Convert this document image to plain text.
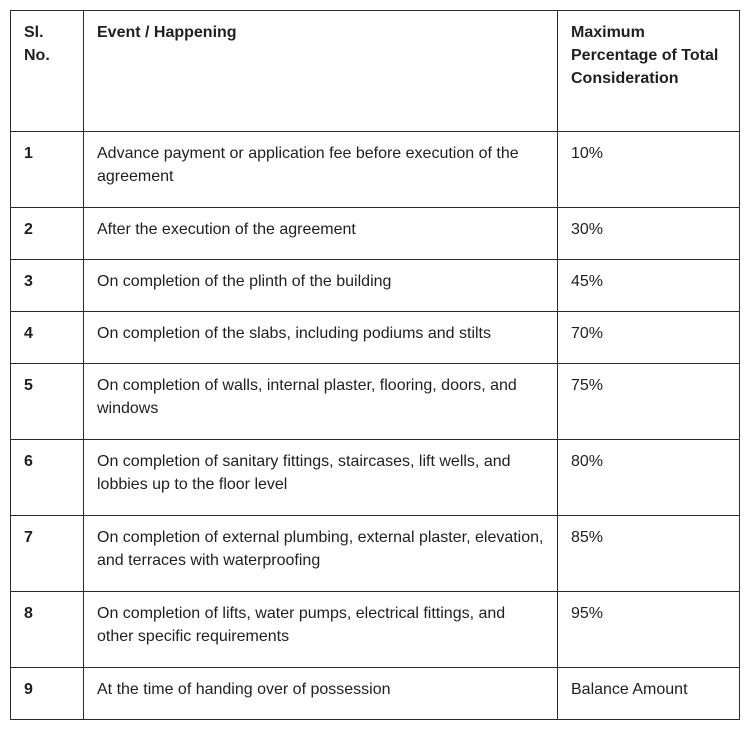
Sl. No.	Event / Happening	Maximum Percentage of Total Consideration
1	Advance payment or application fee before execution of the agreement	10%
2	After the execution of the agreement	30%
3	On completion of the plinth of the building	45%
4	On completion of the slabs, including podiums and stilts	70%
5	On completion of walls, internal plaster, flooring, doors, and windows	75%
6	On completion of sanitary fittings, staircases, lift wells, and lobbies up to the floor level	80%
7	On completion of external plumbing, external plaster, elevation, and terraces with waterproofing	85%
8	On completion of lifts, water pumps, electrical fittings, and other specific requirements	95%
9	At the time of handing over of possession	Balance Amount
